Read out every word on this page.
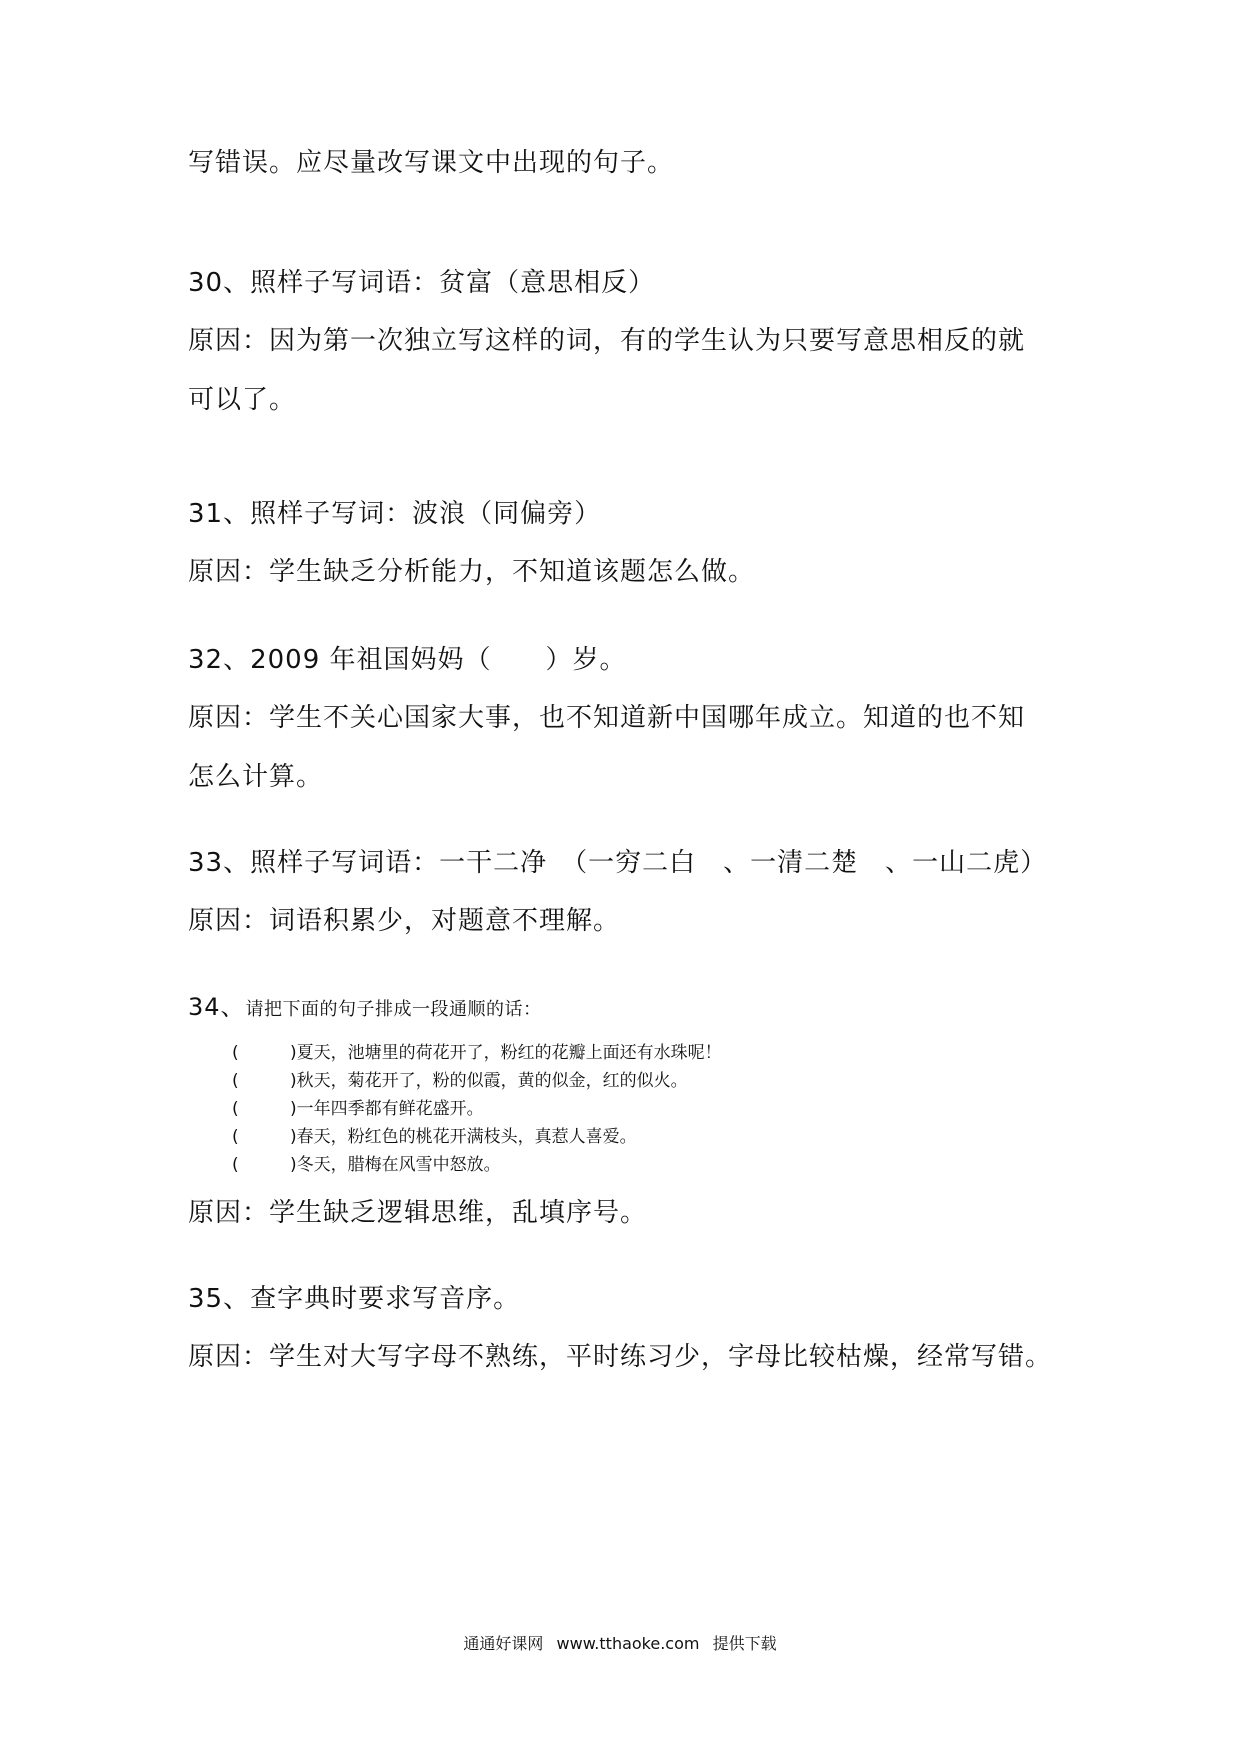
写错误。应尽量改写课文中出现的句子。
30、照样子写词语：贫富（意思相反）
原因：因为第一次独立写这样的词，有的学生认为只要写意思相反的就
可以了。
31、照样子写词：波浪（同偏旁）
原因：学生缺乏分析能力，不知道该题怎么做。
32、2009 年祖国妈妈（　　）岁。
原因：学生不关心国家大事，也不知道新中国哪年成立。知道的也不知
怎么计算。
33、照样子写词语：一干二净　（一穷二白　、一清二楚　、一山二虎）
原因：词语积累少，对题意不理解。
34、请把下面的句子排成一段通顺的话：
(	)夏天，池塘里的荷花开了，粉红的花瓣上面还有水珠呢！
(	)秋天，菊花开了，粉的似霞，黄的似金，红的似火。
(	)一年四季都有鲜花盛开。
(	)春天，粉红色的桃花开满枝头，真惹人喜爱。
(	)冬天，腊梅在风雪中怒放。
原因：学生缺乏逻辑思维，乱填序号。
35、查字典时要求写音序。
原因：学生对大写字母不熟练，平时练习少，字母比较枯燥，经常写错。
通通好课网 www.tthaoke.com 提供下载
